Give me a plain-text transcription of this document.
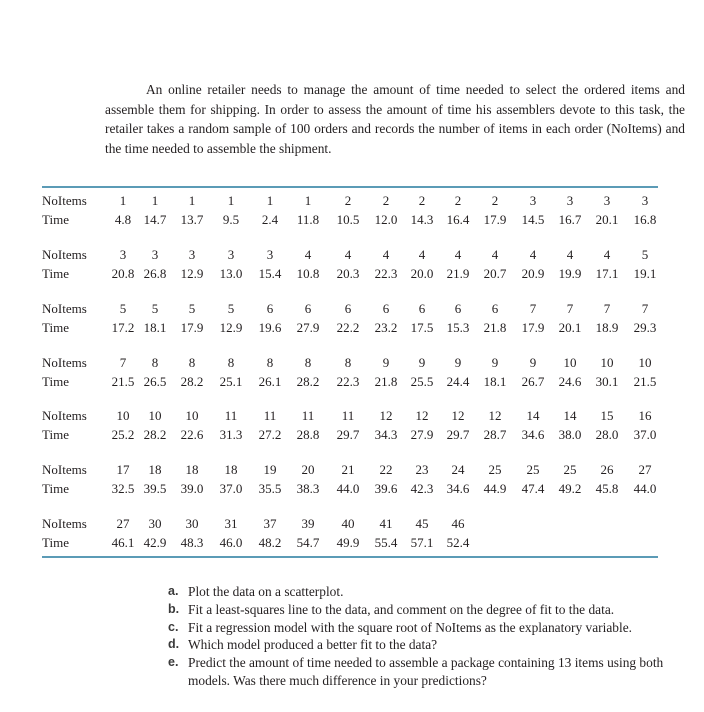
An online retailer needs to manage the amount of time needed to select the ordered items and assemble them for shipping. In order to assess the amount of time his assemblers devote to this task, the retailer takes a random sample of 100 orders and records the number of items in each order (NoItems) and the time needed to assemble the shipment.

NoItems	1 1 1	1	1 1	2 2 2 2 2 3 3 3 3
Time	4.8 14.7 13.7 9.5 2.4 11.8 10.5 12.0 14.3 16.4 17.9 14.5 16.7 20.1 16.8
NoItems	3 3 3	3	3 4	4 4 4 4 4 4 4 4 5
Time	20.8 26.8 12.9 13.0 15.4 10.8 20.3 22.3 20.0 21.9 20.7 20.9 19.9 17.1 19.1
NoItems	5 5 5	5	6 6	6 6 6 6 6 7 7 7 7
Time	17.2 18.1 17.9 12.9 19.6 27.9 22.2 23.2 17.5 15.3 21.8 17.9 20.1 18.9 29.3
NoItems	7 8 8	8	8 8	8 9 9 9 9 9 10 10 10
Time	21.5 26.5 28.2 25.1 26.1 28.2 22.3 21.8 25.5 24.4 18.1 26.7 24.6 30.1 21.5
NoItems 10 10 10 11 11 11 11 12 12 12 12 14 14 15 16
Time	25.2 28.2 22.6 31.3 27.2 28.8 29.7 34.3 27.9 29.7 28.7 34.6 38.0 28.0 37.0
NoItems 17 18 18 18 19 20 21 22 23 24 25 25 25 26 27
Time	32.5 39.5 39.0 37.0 35.5 38.3 44.0 39.6 42.3 34.6 44.9 47.4 49.2 45.8 44.0
NoItems 27 30 30 31 37 39 40 41 45 46
Time	46.1 42.9 48.3 46.0 48.2 54.7 49.9 55.4 57.1 52.4
a. Plot the data on a scatterplot.
b. Fit a least-squares line to the data, and comment on the degree of fit to the data.
c. Fit a regression model with the square root of NoItems as the explanatory variable.
d. Which model produced a better fit to the data?
e. Predict the amount of time needed to assemble a package containing 13 items using both models. Was there much difference in your predictions?
